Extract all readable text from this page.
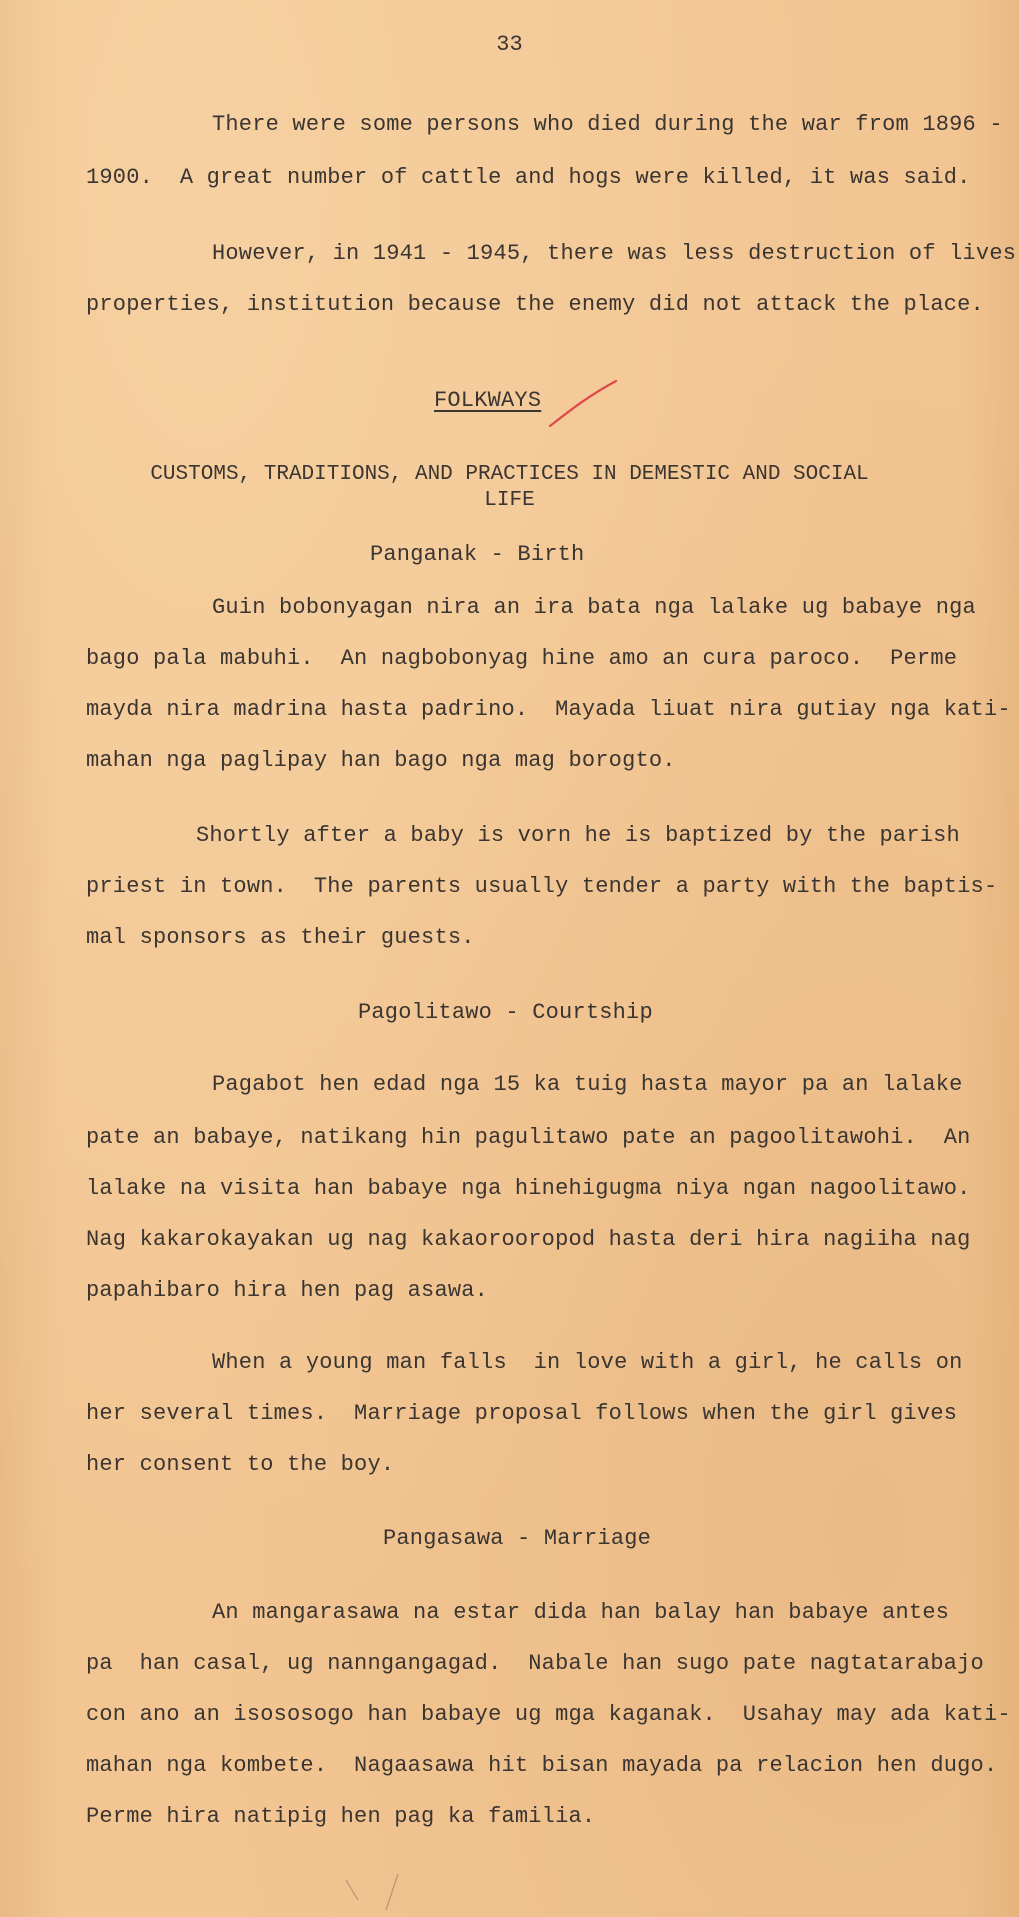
33
There were some persons who died during the war from 1896 -
1900.  A great number of cattle and hogs were killed, it was said.
However, in 1941 - 1945, there was less destruction of lives
properties, institution because the enemy did not attack the place.
FOLKWAYS
CUSTOMS, TRADITIONS, AND PRACTICES IN DEMESTIC AND SOCIAL
LIFE
Panganak - Birth
Guin bobonyagan nira an ira bata nga lalake ug babaye nga
bago pala mabuhi.  An nagbobonyag hine amo an cura paroco.  Perme
mayda nira madrina hasta padrino.  Mayada liuat nira gutiay nga kati-
mahan nga paglipay han bago nga mag borogto.
Shortly after a baby is vorn he is baptized by the parish
priest in town.  The parents usually tender a party with the baptis-
mal sponsors as their guests.
Pagolitawo - Courtship
Pagabot hen edad nga 15 ka tuig hasta mayor pa an lalake
pate an babaye, natikang hin pagulitawo pate an pagoolitawohi.  An
lalake na visita han babaye nga hinehigugma niya ngan nagoolitawo.
Nag kakarokayakan ug nag kakaorooropod hasta deri hira nagiiha nag
papahibaro hira hen pag asawa.
When a young man falls  in love with a girl, he calls on
her several times.  Marriage proposal follows when the girl gives
her consent to the boy.
Pangasawa - Marriage
An mangarasawa na estar dida han balay han babaye antes
pa  han casal, ug nanngangagad.  Nabale han sugo pate nagtatarabajo
con ano an isososogo han babaye ug mga kaganak.  Usahay may ada kati-
mahan nga kombete.  Nagaasawa hit bisan mayada pa relacion hen dugo.
Perme hira natipig hen pag ka familia.
